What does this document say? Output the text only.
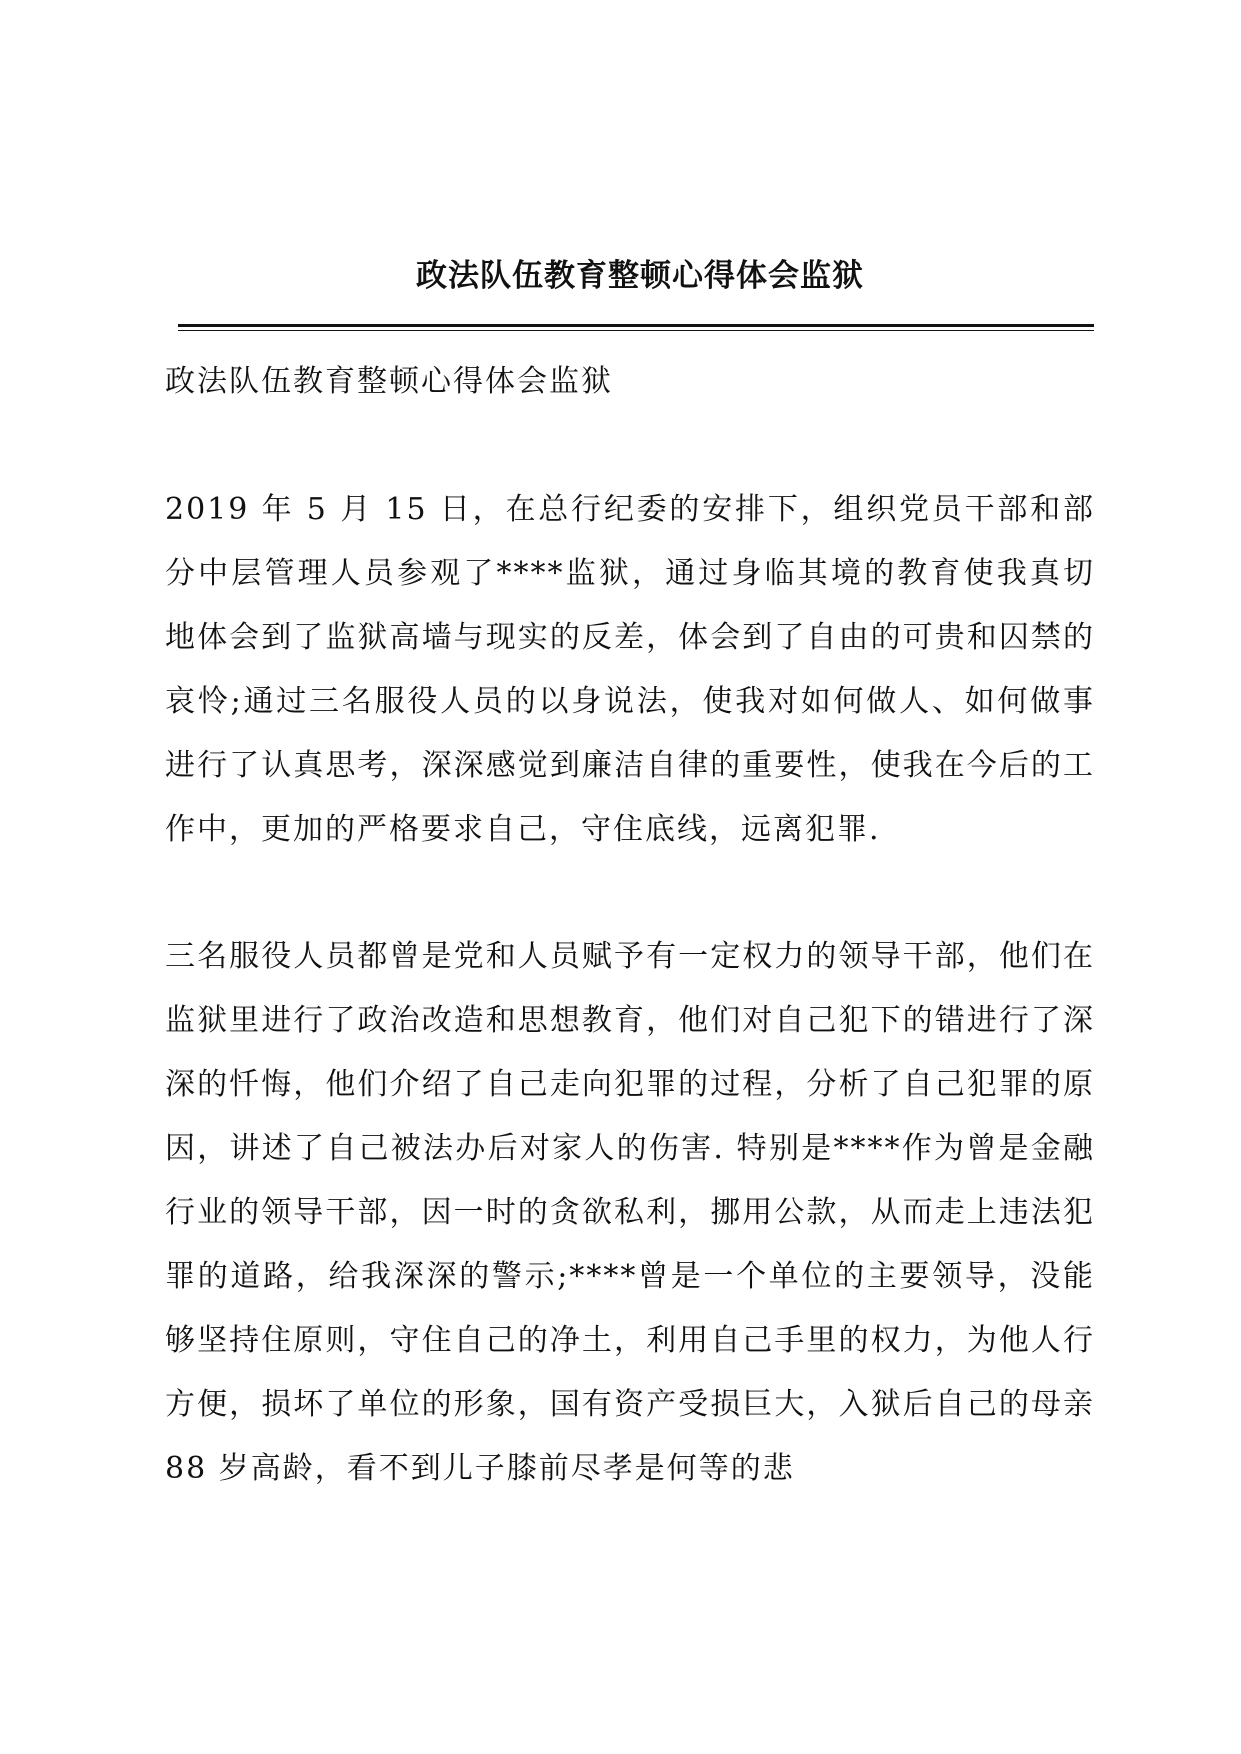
政法队伍教育整顿心得体会监狱

政法队伍教育整顿心得体会监狱

2019 年 5 月 15 日，在总行纪委的安排下，组织党员干部和部分中层管理人员参观了****监狱，通过身临其境的教育使我真切地体会到了监狱高墙与现实的反差，体会到了自由的可贵和囚禁的哀怜;通过三名服役人员的以身说法，使我对如何做人、如何做事进行了认真思考，深深感觉到廉洁自律的重要性，使我在今后的工作中，更加的严格要求自己，守住底线，远离犯罪.

三名服役人员都曾是党和人员赋予有一定权力的领导干部，他们在监狱里进行了政治改造和思想教育，他们对自己犯下的错进行了深深的忏悔，他们介绍了自己走向犯罪的过程，分析了自己犯罪的原因，讲述了自己被法办后对家人的伤害. 特别是****作为曾是金融行业的领导干部，因一时的贪欲私利，挪用公款，从而走上违法犯罪的道路，给我深深的警示;****曾是一个单位的主要领导，没能够坚持住原则，守住自己的净土，利用自己手里的权力，为他人行方便，损坏了单位的形象，国有资产受损巨大，入狱后自己的母亲 88 岁高龄，看不到儿子膝前尽孝是何等的悲
